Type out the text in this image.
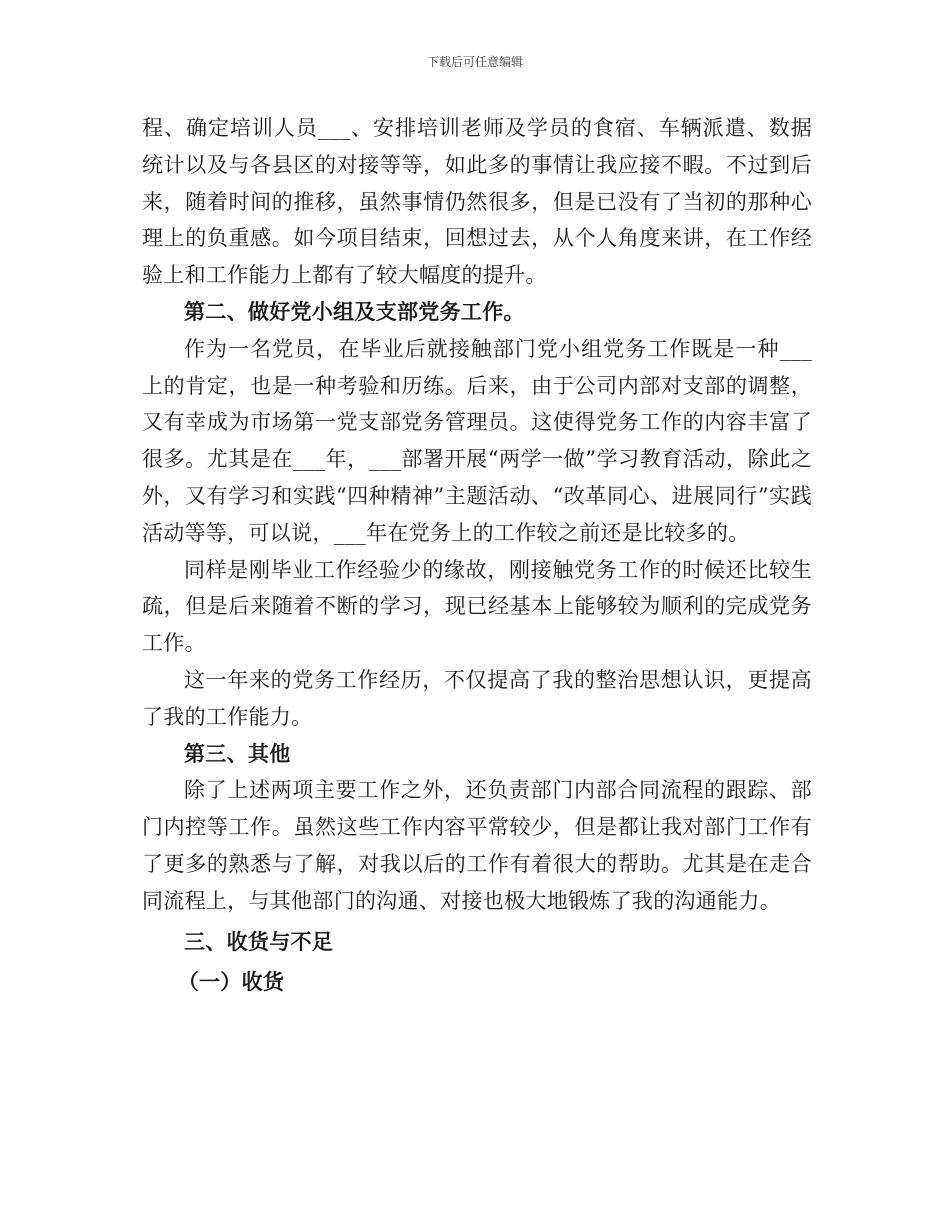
下载后可任意编辑

程、确定培训人员___、安排培训老师及学员的食宿、车辆派遣、数据统计以及与各县区的对接等等，如此多的事情让我应接不暇。不过到后来，随着时间的推移，虽然事情仍然很多，但是已没有了当初的那种心理上的负重感。如今项目结束，回想过去，从个人角度来讲，在工作经验上和工作能力上都有了较大幅度的提升。

第二、做好党小组及支部党务工作。

作为一名党员，在毕业后就接触部门党小组党务工作既是一种___上的肯定，也是一种考验和历练。后来，由于公司内部对支部的调整，又有幸成为市场第一党支部党务管理员。这使得党务工作的内容丰富了很多。尤其是在___年，___部署开展“两学一做”学习教育活动，除此之外，又有学习和实践“四种精神”主题活动、“改革同心、进展同行”实践活动等等，可以说，___年在党务上的工作较之前还是比较多的。

同样是刚毕业工作经验少的缘故，刚接触党务工作的时候还比较生疏，但是后来随着不断的学习，现已经基本上能够较为顺利的完成党务工作。

这一年来的党务工作经历，不仅提高了我的整治思想认识，更提高了我的工作能力。

第三、其他

除了上述两项主要工作之外，还负责部门内部合同流程的跟踪、部门内控等工作。虽然这些工作内容平常较少，但是都让我对部门工作有了更多的熟悉与了解，对我以后的工作有着很大的帮助。尤其是在走合同流程上，与其他部门的沟通、对接也极大地锻炼了我的沟通能力。

三、收货与不足
（一）收货
